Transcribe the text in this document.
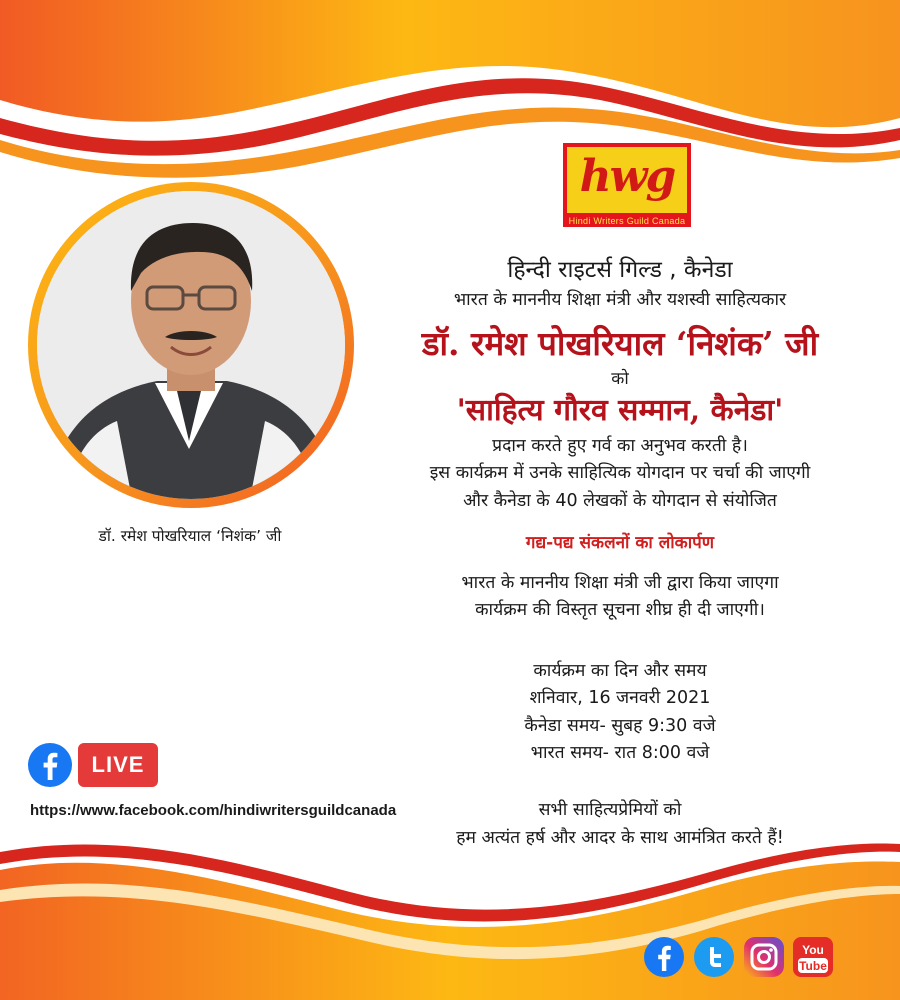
hwg
Hindi Writers Guild Canada
डॉ. रमेश पोखरियाल ‘निशंक’ जी
हिन्दी राइटर्स गिल्ड , कैनेडा
भारत के माननीय शिक्षा मंत्री और यशस्वी साहित्यकार
डॉ. रमेश पोखरियाल ‘निशंक’ जी
को
'साहित्य गौरव सम्मान, कैनेडा'
प्रदान करते हुए गर्व का अनुभव करती है।
इस कार्यक्रम में उनके साहित्यिक योगदान पर चर्चा की जाएगी
और कैनेडा के 40 लेखकों के योगदान से संयोजित
गद्य-पद्य संकलनों का लोकार्पण
भारत के माननीय शिक्षा मंत्री जी द्वारा किया जाएगा
कार्यक्रम की विस्तृत सूचना शीघ्र ही दी जाएगी।
कार्यक्रम का दिन और समय
शनिवार, 16 जनवरी 2021
कैनेडा समय- सुबह 9:30 वजे
भारत समय- रात 8:00 वजे
सभी साहित्यप्रेमियों को
हम अत्यंत हर्ष और आदर के साथ आमंत्रित करते हैं!
LIVE
https://www.facebook.com/hindiwritersguildcanada
You
Tube
